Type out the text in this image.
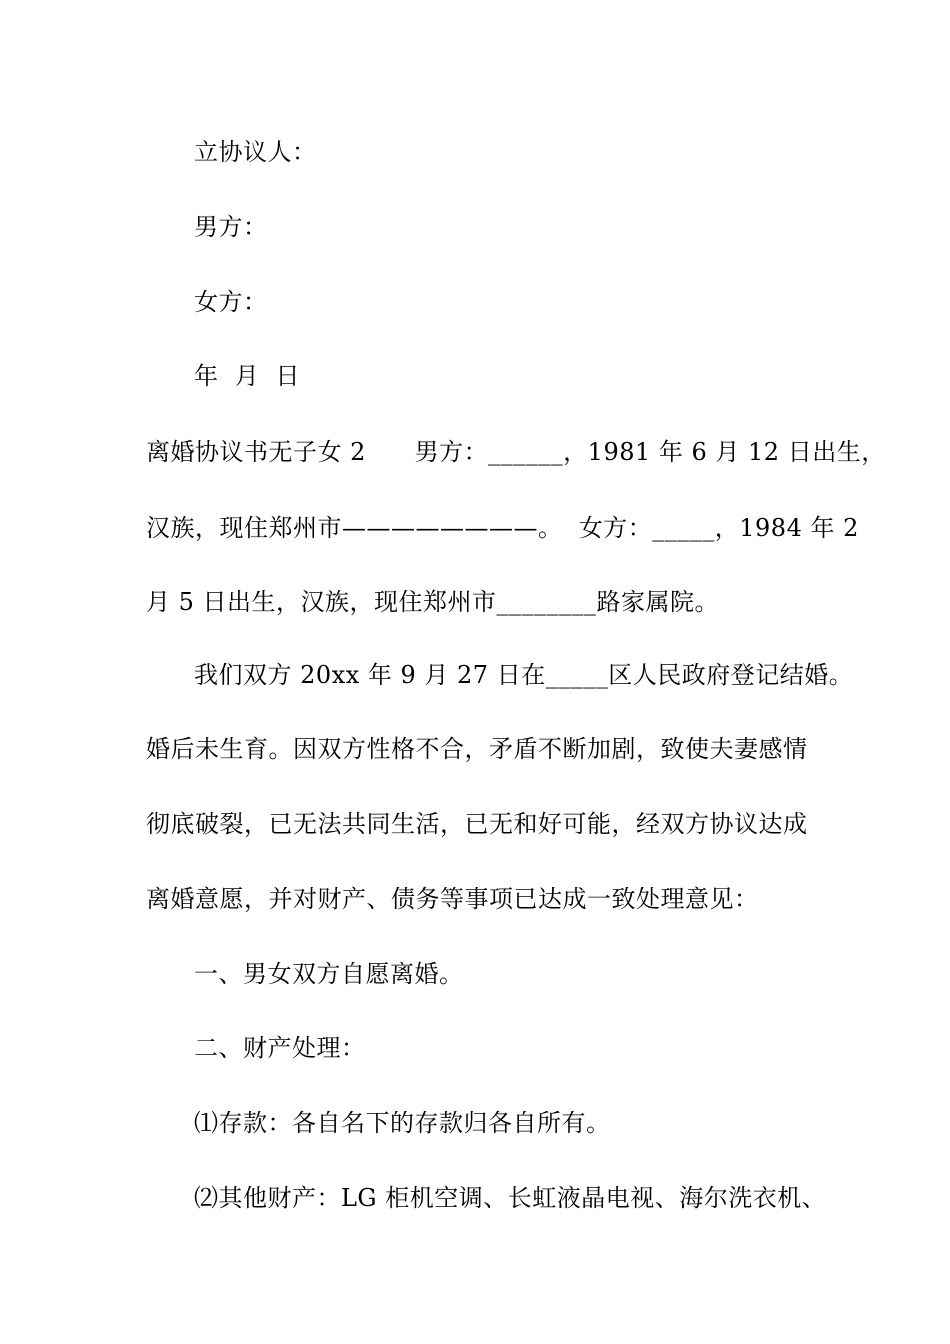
立协议人：
男方：
女方：
年  月  日
离婚协议书无子女 2      男方：______，1981 年 6 月 12 日出生，
汉族，现住郑州市————————。  女方：_____，1984 年 2
月 5 日出生，汉族，现住郑州市________路家属院。
我们双方 20xx 年 9 月 27 日在_____区人民政府登记结婚。
婚后未生育。因双方性格不合，矛盾不断加剧，致使夫妻感情
彻底破裂，已无法共同生活，已无和好可能，经双方协议达成
离婚意愿，并对财产、债务等事项已达成一致处理意见：
一、男女双方自愿离婚。
二、财产处理：
⑴存款：各自名下的存款归各自所有。
⑵其他财产：LG 柜机空调、长虹液晶电视、海尔洗衣机、
